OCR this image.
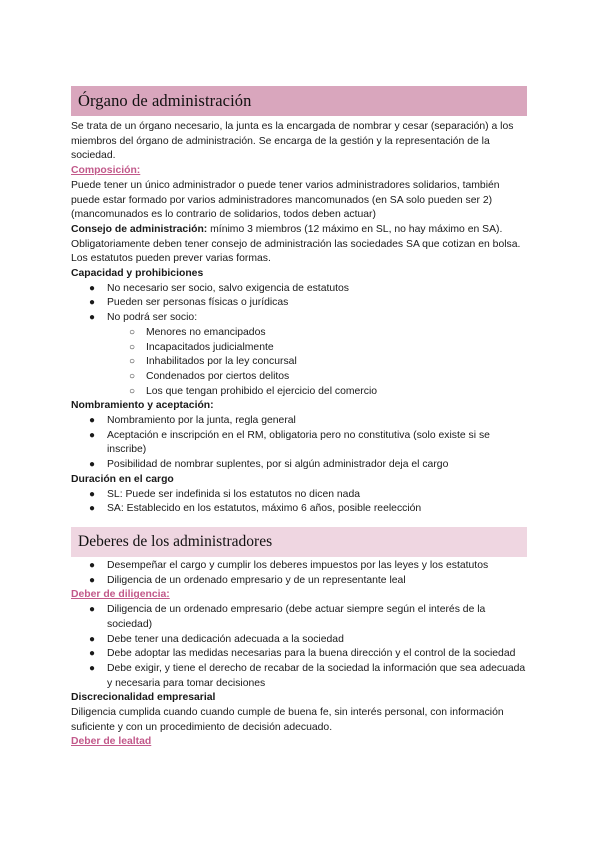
Órgano de administración

Se trata de un órgano necesario, la junta es la encargada de nombrar y cesar (separación) a los miembros del órgano de administración. Se encarga de la gestión y la representación de la sociedad.

Composición:

Puede tener un único administrador o puede tener varios administradores solidarios, también puede estar formado por varios administradores mancomunados (en SA solo pueden ser 2) (mancomunados es lo contrario de solidarios, todos deben actuar)

Consejo de administración: mínimo 3 miembros (12 máximo en SL, no hay máximo en SA). Obligatoriamente deben tener consejo de administración las sociedades SA que cotizan en bolsa.

Los estatutos pueden prever varias formas.

Capacidad y prohibiciones
● No necesario ser socio, salvo exigencia de estatutos
● Pueden ser personas físicas o jurídicas
● No podrá ser socio:
○ Menores no emancipados
○ Incapacitados judicialmente
○ Inhabilitados por la ley concursal
○ Condenados por ciertos delitos
○ Los que tengan prohibido el ejercicio del comercio
Nombramiento y aceptación:
● Nombramiento por la junta, regla general
● Aceptación e inscripción en el RM, obligatoria pero no constitutiva (solo existe si se inscribe)
● Posibilidad de nombrar suplentes, por si algún administrador deja el cargo
Duración en el cargo
● SL: Puede ser indefinida si los estatutos no dicen nada
● SA: Establecido en los estatutos, máximo 6 años, posible reelección
Deberes de los administradores
● Desempeñar el cargo y cumplir los deberes impuestos por las leyes y los estatutos
● Diligencia de un ordenado empresario y de un representante leal
Deber de diligencia:
● Diligencia de un ordenado empresario (debe actuar siempre según el interés de la sociedad)
● Debe tener una dedicación adecuada a la sociedad
● Debe adoptar las medidas necesarias para la buena dirección y el control de la sociedad
● Debe exigir, y tiene el derecho de recabar de la sociedad la información que sea adecuada y necesaria para tomar decisiones
Discrecionalidad empresarial

Diligencia cumplida cuando cuando cumple de buena fe, sin interés personal, con información suficiente y con un procedimiento de decisión adecuado.

Deber de lealtad
